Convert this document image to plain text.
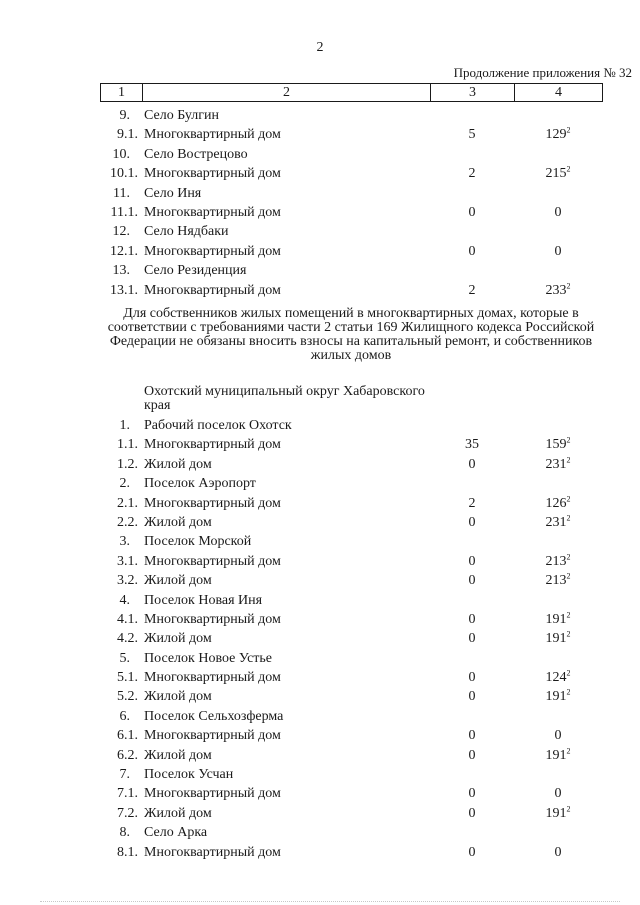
2
Продолжение приложения № 32
1	2	3	4
9. Село Булгин
9.1. Многоквартирный дом	5	$129^2$
10. Село Вострецово
10.1. Многоквартирный дом	2	$215^2$
11. Село Иня
11.1. Многоквартирный дом	0	0
12. Село Нядбаки
12.1. Многоквартирный дом	0	0
13. Село Резиденция
13.1. Многоквартирный дом	2	$233^2$
Для собственников жилых помещений в многоквартирных домах, которые в соответствии с требованиями части 2 статьи 169 Жилищного кодекса Российской Федерации не обязаны вносить взносы на капитальный ремонт, и собственников жилых домов
Охотский муниципальный округ Хабаровского края
1. Рабочий поселок Охотск
1.1. Многоквартирный дом	35	$159^2$
1.2. Жилой дом	0	$231^2$
2. Поселок Аэропорт
2.1. Многоквартирный дом	2	$126^2$
2.2. Жилой дом	0	$231^2$
3. Поселок Морской
3.1. Многоквартирный дом	0	$213^2$
3.2. Жилой дом	0	$213^2$
4. Поселок Новая Иня
4.1. Многоквартирный дом	0	$191^2$
4.2. Жилой дом	0	$191^2$
5. Поселок Новое Устье
5.1. Многоквартирный дом	0	$124^2$
5.2. Жилой дом	0	$191^2$
6. Поселок Сельхозферма
6.1. Многоквартирный дом	0	0
6.2. Жилой дом	0	$191^2$
7. Поселок Усчан
7.1. Многоквартирный дом	0	0
7.2. Жилой дом	0	$191^2$
8. Село Арка
8.1. Многоквартирный дом	0	0
